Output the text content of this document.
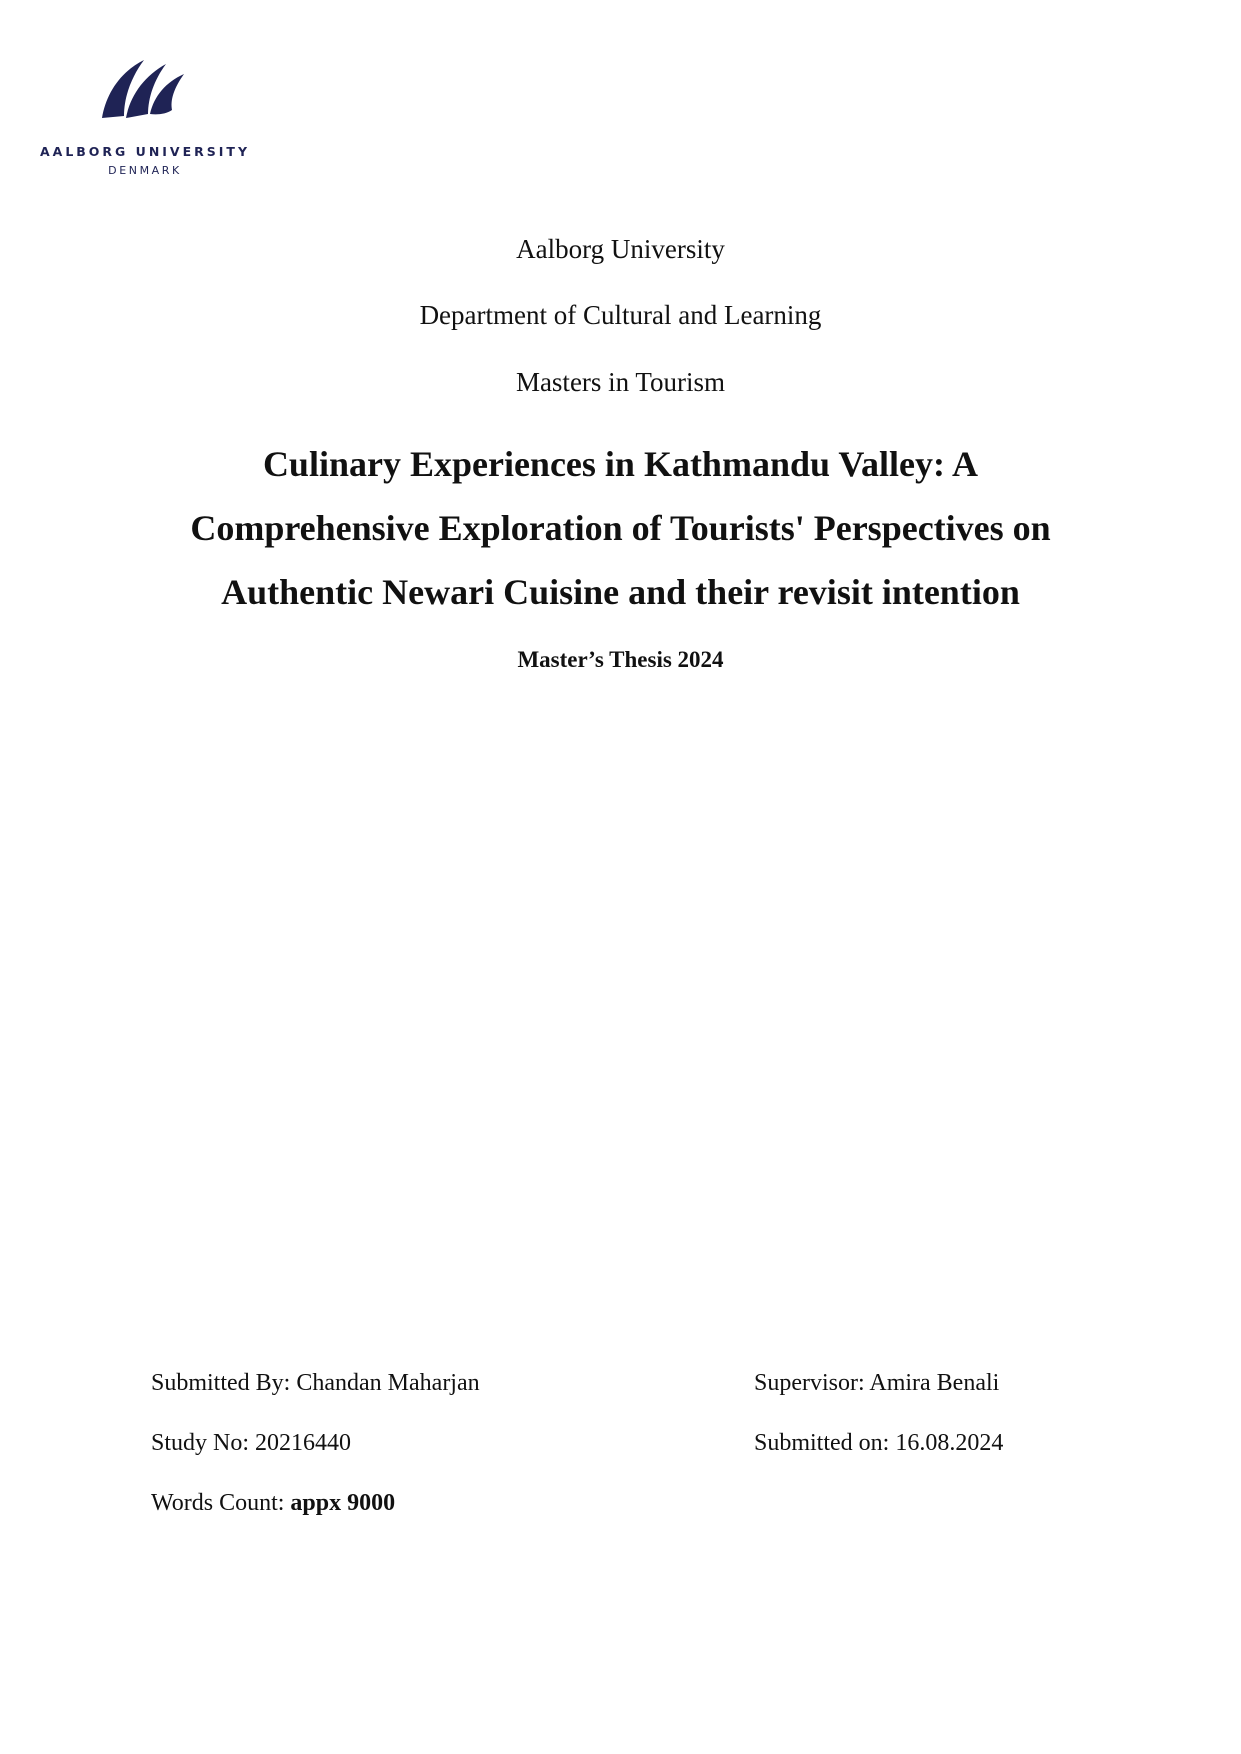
AALBORG UNIVERSITY
DENMARK
Aalborg University
Department of Cultural and Learning
Masters in Tourism
Culinary Experiences in Kathmandu Valley: A
Comprehensive Exploration of Tourists' Perspectives on
Authentic Newari Cuisine and their revisit intention
Master’s Thesis 2024
Submitted By: Chandan Maharjan
Study No: 20216440
Words Count: appx 9000
Supervisor: Amira Benali
Submitted on: 16.08.2024
